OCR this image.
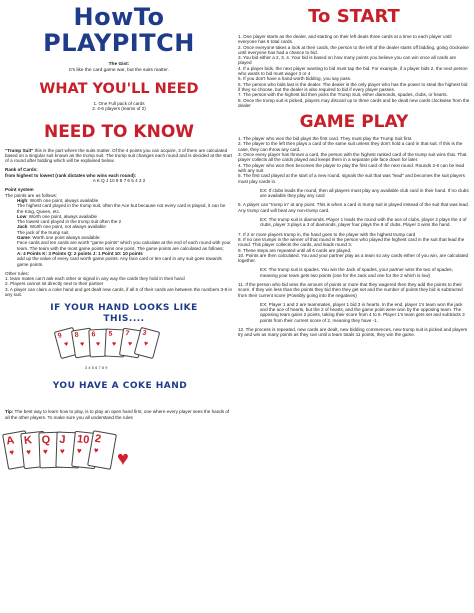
HowTo PLAYPITCH
The Gist:
It's like the card game war, but the suits matter.
WHAT YOU'LL NEED
1. One Full pack of cards
2. 4-6 players (teams of 2)
NEED TO KNOW

"Trump Suit" this is the part where the suits matter. Of the 4 points you can acquire, 3 of them are calculated based on a singular suit known as the trump suit. The trump suit changes each round and is decided at the start of a round after bidding which will be explained below.

Rank of Cards:
from highest to lowest (rank dictates who wins each round):
A K Q J 10 9 8 7 6 5 4 3 2
Point system
The points are as follows:
High: Worth one point, always available
The highest card played in the trump suit, often the Ace but because not every card is played, it can be the King, Queen, etc.
Low: Worth one point, always available
The lowest card played in the trump suit often the 2
Jack: Worth one point, not always available
The jack of the trump suit
Game: Worth one point always available:
Face cards and ten cards are worth "game points" which you calculate at the end of each round with your team. The team with the most game points wins one point. The game points are calculated as follows;
A: 4 Points K: 3 Points Q: 2 points J: 1 Point 10: 10 points
add up the value of every card worth game points. Any face card or ten card in any suit goes towards game points.
Other rules:
1. team mates can't ask each other or signal in any way the cards they hold in their hand
2. Players cannot sit directly next to their partner
3. A player can claim a coke hand and get dealt new cards, if all 6 of their cards are between the numbers 3-9 in any suit.
IF YOUR HAND LOOKS LIKE THIS....
9
♥
8
♥
6
♥
5
♥
7
♥
3
♥
3 4 5 6 7 8 9
YOU HAVE A COKE HAND

Tip: The best way to learn how to play, is to play an open hand first, one where every player sees the hands of all the other players. To make sure you all understand the rules

A
♥
K
♥
Q
♥
J
♥
10
♥
2
♥ ♥
To START

1. One player starts as the dealer, and starting on their left deals three cards at a time to each player until everyone has 6 total cards.

2. Once everyone takes a look at their cards, the person to the left of the dealer starts off bidding, going clockwise until everyone has had a chance to bid.

3. You bid either a 2, 3, 4. Your bid is based on how many points you believe you can win once all cards are played

4. If a player bids, the next player wanting to bid must tap the bid. For example, if a player bids 2, the next person who wants to bid must wager 3 or 4

5. If you don't have a hand worth bidding, you say pass.

6. The person who bids last is the dealer. The dealer is the only player who has the power to steal the highest bid if they so choose, but the dealer is also required to bid if every player passes.

7. The person with the highest bid then picks the Trump Suit, either diamonds, spades, clubs, or hearts.

8. Once the trump suit is picked, players may discard up to three cards and be dealt new cards clockwise from the dealer

GAME PLAY

1. The player who won the bid plays the first card. They must play the Trump Suit first.

2. The player to the left then plays a card of the same suit unless they don't hold a card in that suit. If this is the case, they can throw any card.

3. Once every player has thrown a card, the person with the highest ranked card of the trump suit wins that. That player collects all the cards played and keeps them in a separate pile face down for later.

4. The player who won then becomes the player to play the first card of the next round. Rounds 2-6 can be lead with any suit

5. The first card played at the start of a new round, signals the suit that was "lead" and becomes the suit players must play cards in.

EX: If clubs leads the round, then all players must play any available club card in their hand. If no clubs are available they play any card

6. A player can "trump in" at any point. This is when a card in trump suit is played instead of the suit that was lead. Any trump card will beat any non-trump card.

EX: The trump suit is diamonds. Player 1 leads the round with the ace of clubs, player 2 plays the 4 of clubs, player 3 plays a 3 of diamonds, player four plays the 9 of clubs. Player 3 wins the hand.

7. If 2 or more players trump in, the hand goes to the player with the highest trump card

8. If no one trumps in the winner of that round is the person who played the highest card in the suit that lead the round. This player collects the cards, and leads round 3.

9. These steps are repeated until all 6 cards are played.

10. Points are then calculated. You and your partner play as a team so any cards either of you win, are calculated together.

EX: The trump suit is spades. You win the Jack of spades, your partner wins the two of spades, meaning your team gets two points (one for the Jack and one for the 2 which is low)

11. If the person who bid wins the amount of points or more that they wagered then they add the points to their score. If they win less than the points they bid then they get set and the number of points they bid is subtracted from their current score (Possibly going into the negatives)

EX: Player 1 and 2 are teammates, player 1 bid 3 in hearts. In the end, player 1's team won the jack and the ace of hearts, but the 2 of hearts, and the game point were won by the opposing team. The opposing team gains 2 points, taking their score from 4 to 6. Player 1's team gets set and subtracts 3 points from their current score of 2, meaning they have -1.

12. The process is repeated, new cards are dealt, new bidding commences, new trump suit is picked and players try and win as many points as they can until a team totals 11 points, they win the game.
